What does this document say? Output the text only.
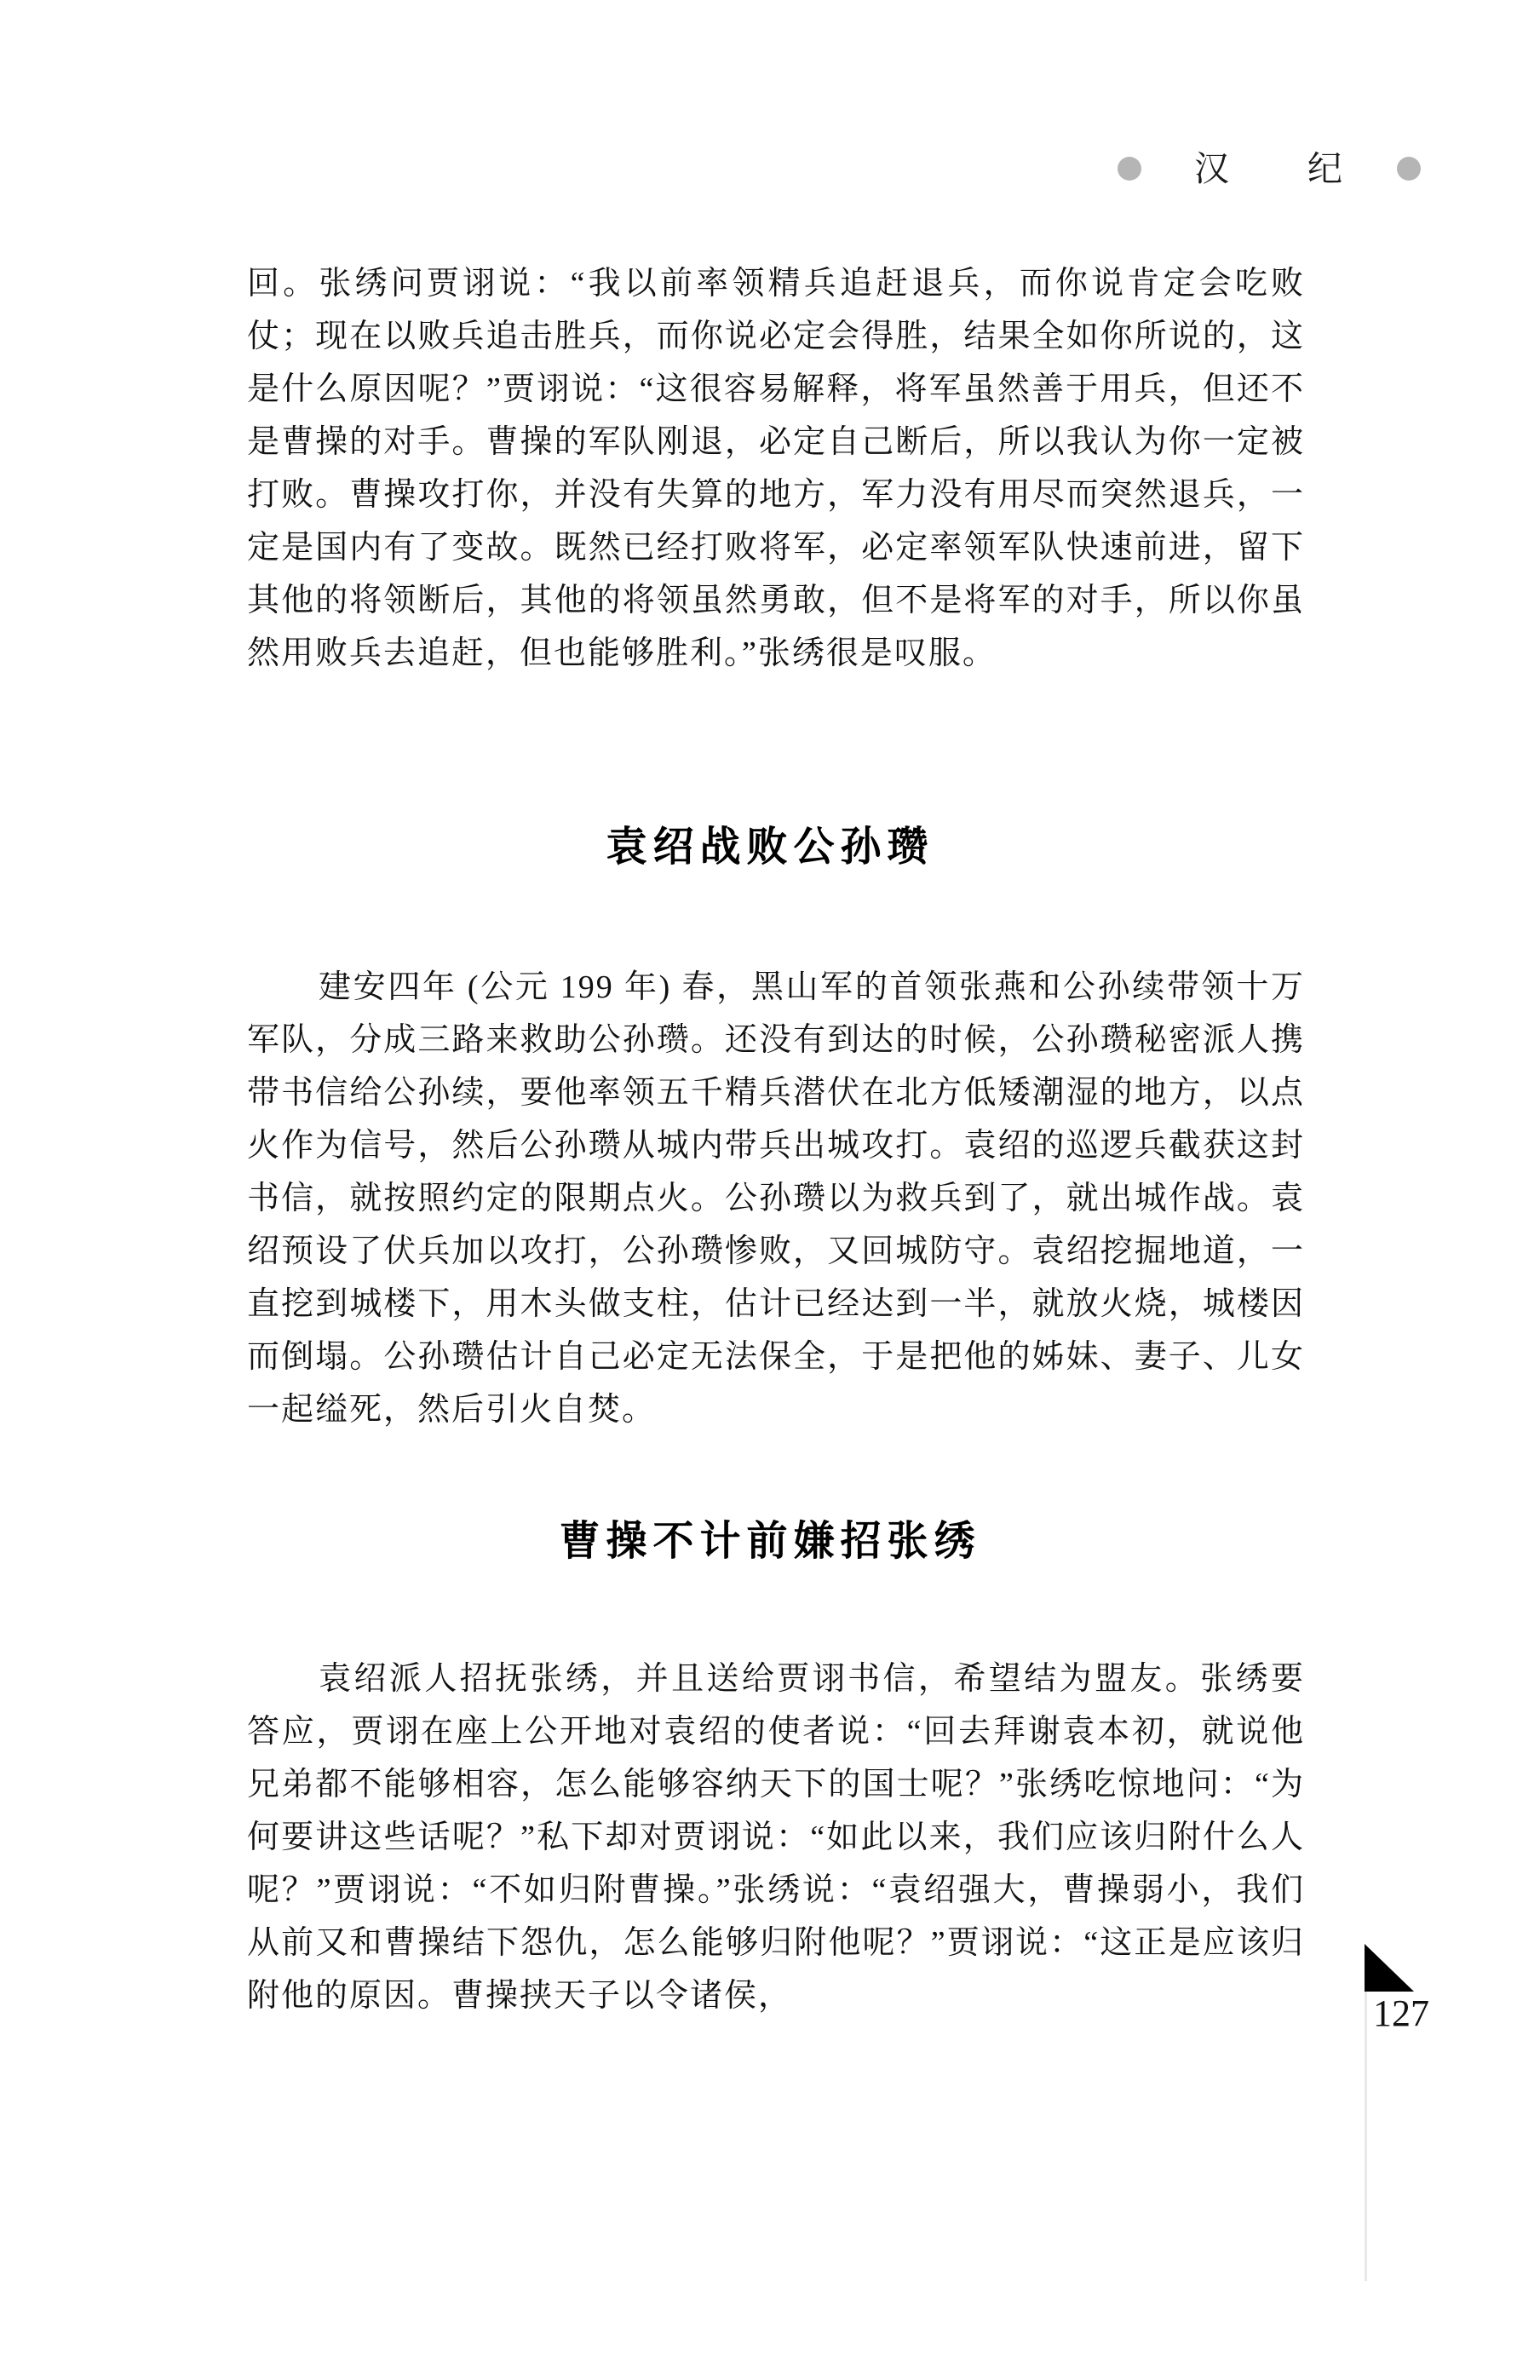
汉 纪
回。张绣问贾诩说：“我以前率领精兵追赶退兵，而你说肯定会吃败仗；现在以败兵追击胜兵，而你说必定会得胜，结果全如你所说的，这是什么原因呢？”贾诩说：“这很容易解释，将军虽然善于用兵，但还不是曹操的对手。曹操的军队刚退，必定自己断后，所以我认为你一定被打败。曹操攻打你，并没有失算的地方，军力没有用尽而突然退兵，一定是国内有了变故。既然已经打败将军，必定率领军队快速前进，留下其他的将领断后，其他的将领虽然勇敢，但不是将军的对手，所以你虽然用败兵去追赶，但也能够胜利。”张绣很是叹服。
袁绍战败公孙瓒
建安四年 (公元 199 年) 春，黑山军的首领张燕和公孙续带领十万军队，分成三路来救助公孙瓒。还没有到达的时候，公孙瓒秘密派人携带书信给公孙续，要他率领五千精兵潜伏在北方低矮潮湿的地方，以点火作为信号，然后公孙瓒从城内带兵出城攻打。袁绍的巡逻兵截获这封书信，就按照约定的限期点火。公孙瓒以为救兵到了，就出城作战。袁绍预设了伏兵加以攻打，公孙瓒惨败，又回城防守。袁绍挖掘地道，一直挖到城楼下，用木头做支柱，估计已经达到一半，就放火烧，城楼因而倒塌。公孙瓒估计自己必定无法保全，于是把他的姊妹、妻子、儿女一起缢死，然后引火自焚。
曹操不计前嫌招张绣
袁绍派人招抚张绣，并且送给贾诩书信，希望结为盟友。张绣要答应，贾诩在座上公开地对袁绍的使者说：“回去拜谢袁本初，就说他兄弟都不能够相容，怎么能够容纳天下的国士呢？”张绣吃惊地问：“为何要讲这些话呢？”私下却对贾诩说：“如此以来，我们应该归附什么人呢？”贾诩说：“不如归附曹操。”张绣说：“袁绍强大，曹操弱小，我们从前又和曹操结下怨仇，怎么能够归附他呢？”贾诩说：“这正是应该归附他的原因。曹操挟天子以令诸侯，	127
